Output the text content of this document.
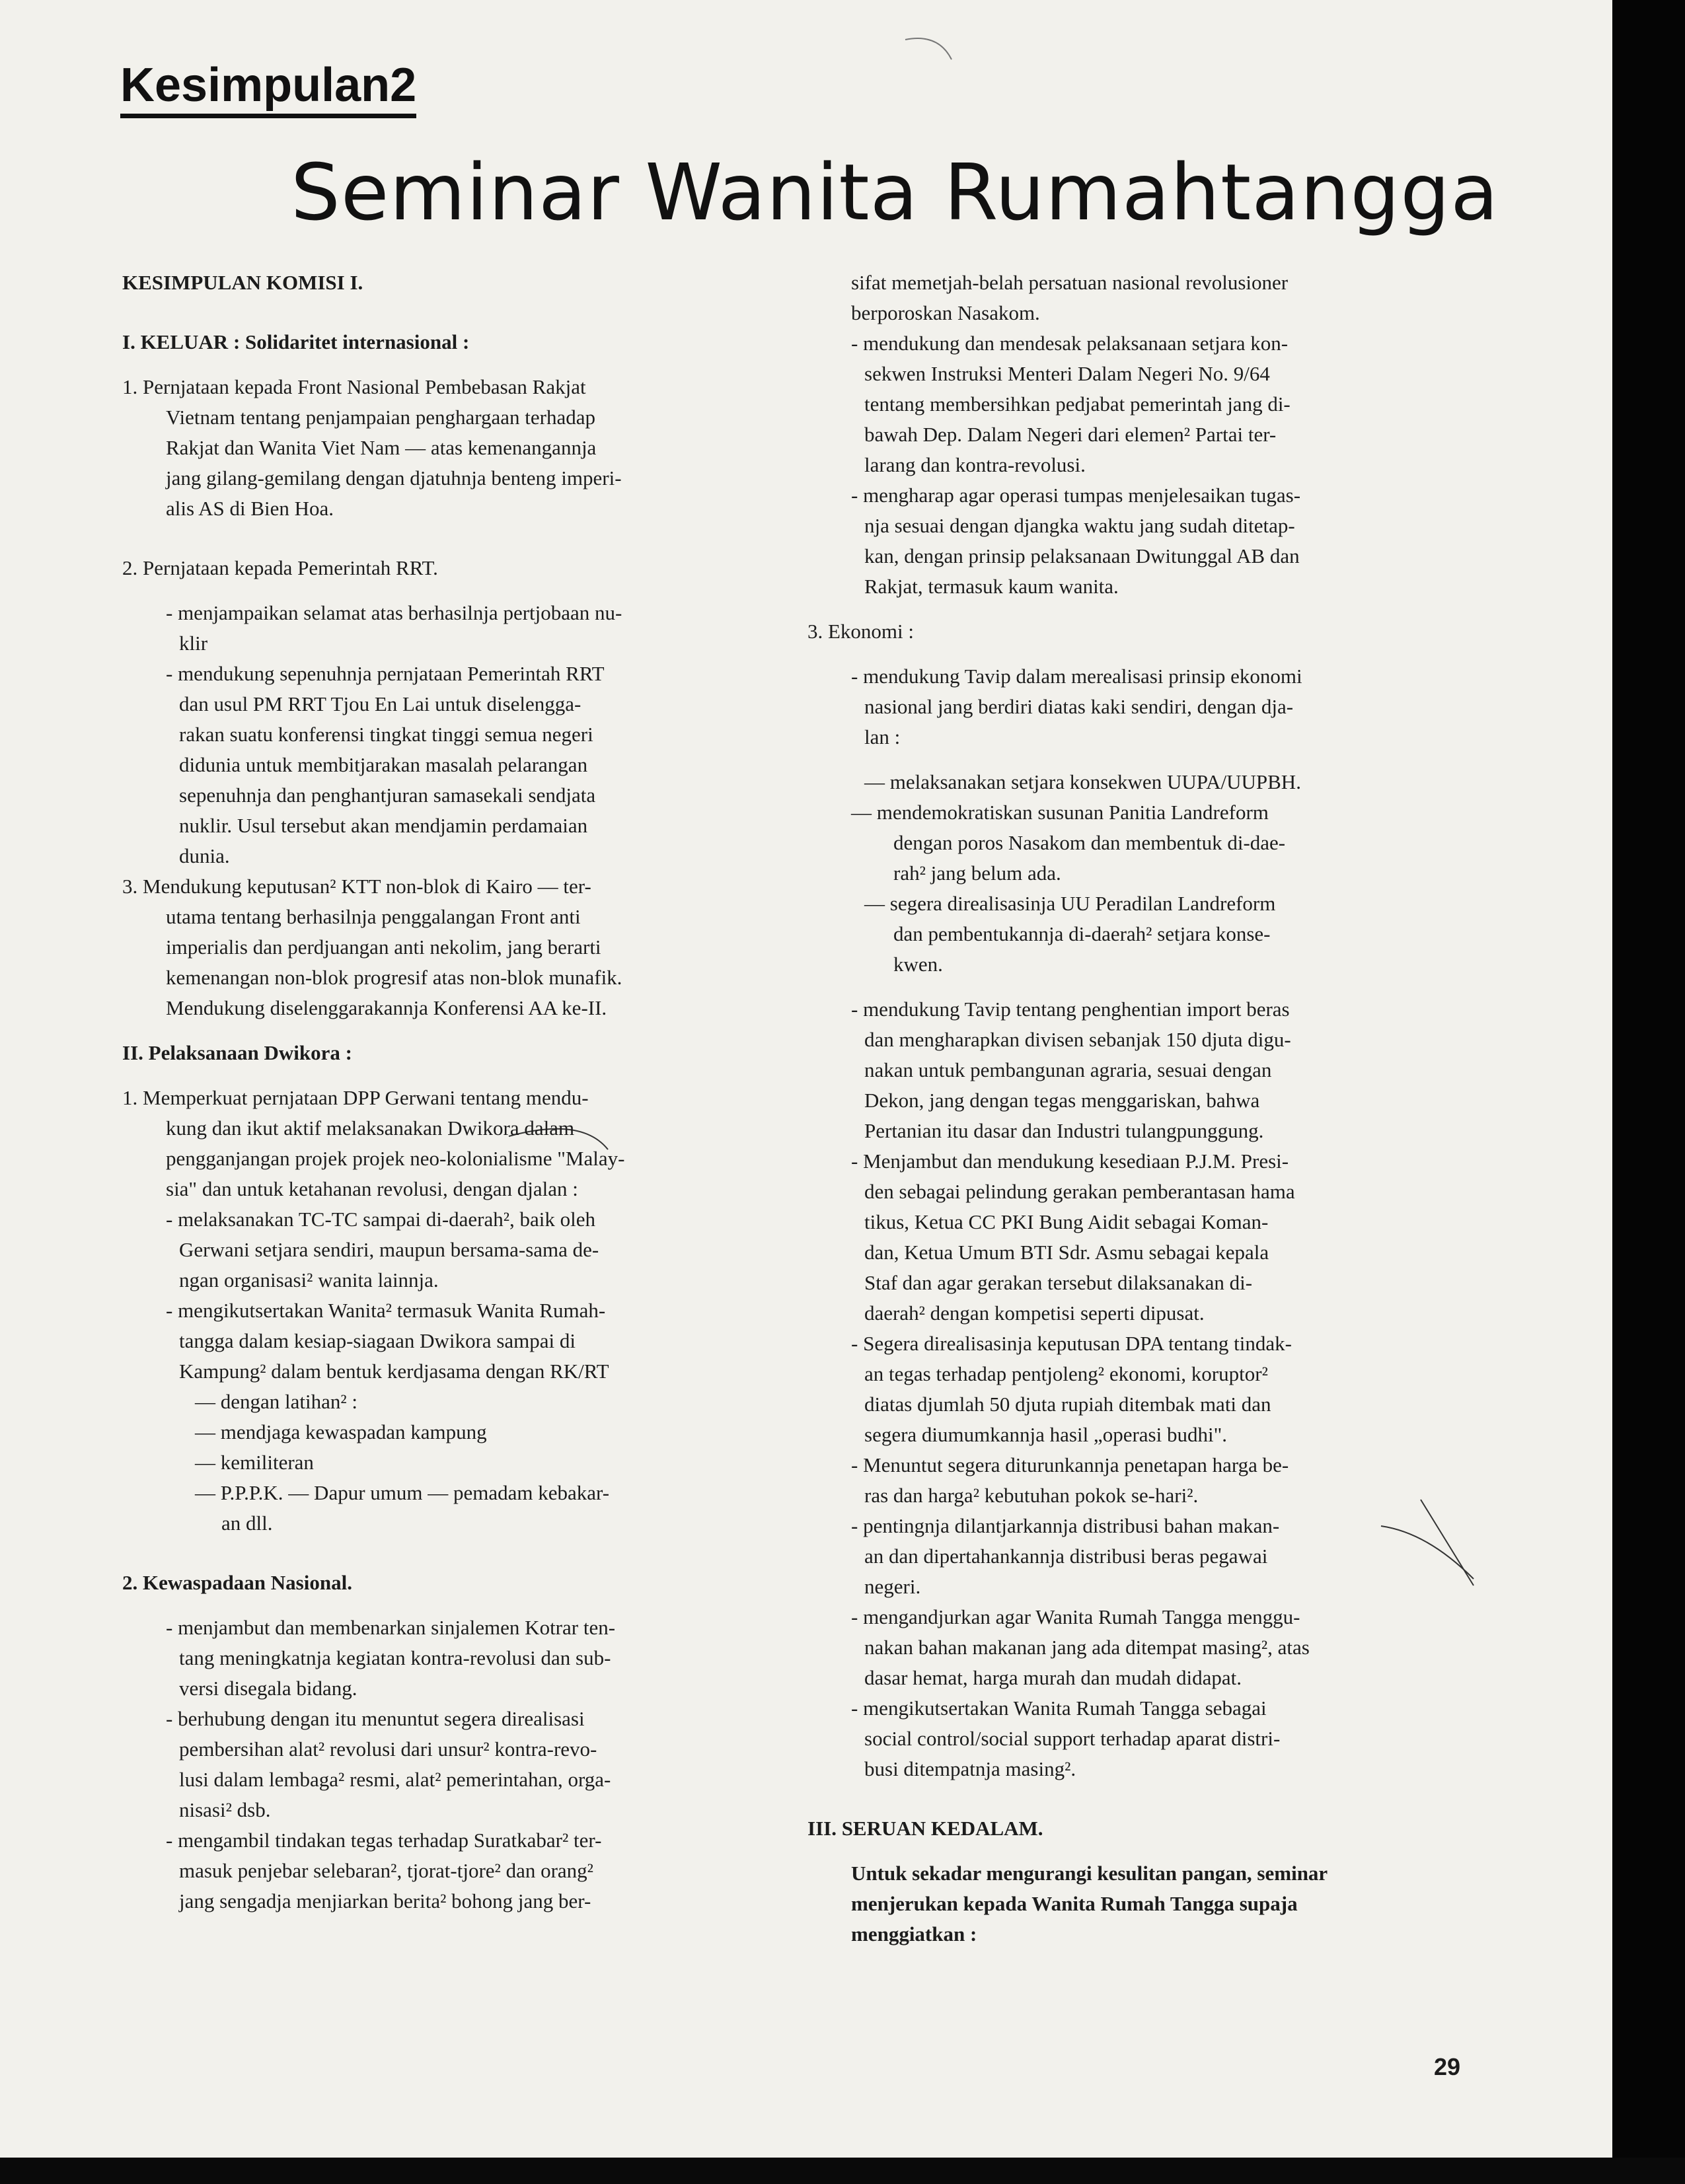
Kesimpulan2
Seminar Wanita Rumahtangga
KESIMPULAN KOMISI I.
I. KELUAR : Solidaritet internasional :
1. Pernjataan kepada Front Nasional Pembebasan Rakjat
Vietnam tentang penjampaian penghargaan terhadap
Rakjat dan Wanita Viet Nam — atas kemenangannja
jang gilang-gemilang dengan djatuhnja benteng imperi-
alis AS di Bien Hoa.
2. Pernjataan kepada Pemerintah RRT.
- menjampaikan selamat atas berhasilnja pertjobaan nu-
klir
- mendukung sepenuhnja pernjataan Pemerintah RRT
dan usul PM RRT Tjou En Lai untuk diselengga-
rakan suatu konferensi tingkat tinggi semua negeri
didunia untuk membitjarakan masalah pelarangan
sepenuhnja dan penghantjuran samasekali sendjata
nuklir. Usul tersebut akan mendjamin perdamaian
dunia.
3. Mendukung keputusan² KTT non-blok di Kairo — ter-
utama tentang berhasilnja penggalangan Front anti
imperialis dan perdjuangan anti nekolim, jang berarti
kemenangan non-blok progresif atas non-blok munafik.
Mendukung diselenggarakannja Konferensi AA ke-II.
II. Pelaksanaan Dwikora :
1. Memperkuat pernjataan DPP Gerwani tentang mendu-
kung dan ikut aktif melaksanakan Dwikora dalam
pengganjangan projek projek neo-kolonialisme "Malay-
sia" dan untuk ketahanan revolusi, dengan djalan :
- melaksanakan TC-TC sampai di-daerah², baik oleh
Gerwani setjara sendiri, maupun bersama-sama de-
ngan organisasi² wanita lainnja.
- mengikutsertakan Wanita² termasuk Wanita Rumah-
tangga dalam kesiap-siagaan Dwikora sampai di
Kampung² dalam bentuk kerdjasama dengan RK/RT
— dengan latihan² :
— mendjaga kewaspadan kampung
— kemiliteran
— P.P.P.K. — Dapur umum — pemadam kebakar-
an dll.
2. Kewaspadaan Nasional.
- menjambut dan membenarkan sinjalemen Kotrar ten-
tang meningkatnja kegiatan kontra-revolusi dan sub-
versi disegala bidang.
- berhubung dengan itu menuntut segera direalisasi
pembersihan alat² revolusi dari unsur² kontra-revo-
lusi dalam lembaga² resmi, alat² pemerintahan, orga-
nisasi² dsb.
- mengambil tindakan tegas terhadap Suratkabar² ter-
masuk penjebar selebaran², tjorat-tjore² dan orang²
jang sengadja menjiarkan berita² bohong jang ber-
sifat memetjah-belah persatuan nasional revolusioner
berporoskan Nasakom.
- mendukung dan mendesak pelaksanaan setjara kon-
sekwen Instruksi Menteri Dalam Negeri No. 9/64
tentang membersihkan pedjabat pemerintah jang di-
bawah Dep. Dalam Negeri dari elemen² Partai ter-
larang dan kontra-revolusi.
- mengharap agar operasi tumpas menjelesaikan tugas-
nja sesuai dengan djangka waktu jang sudah ditetap-
kan, dengan prinsip pelaksanaan Dwitunggal AB dan
Rakjat, termasuk kaum wanita.
3. Ekonomi :
- mendukung Tavip dalam merealisasi prinsip ekonomi
nasional jang berdiri diatas kaki sendiri, dengan dja-
lan :
— melaksanakan setjara konsekwen UUPA/UUPBH.
— mendemokratiskan susunan Panitia Landreform
dengan poros Nasakom dan membentuk di-dae-
rah² jang belum ada.
— segera direalisasinja UU Peradilan Landreform
dan pembentukannja di-daerah² setjara konse-
kwen.
- mendukung Tavip tentang penghentian import beras
dan mengharapkan divisen sebanjak 150 djuta digu-
nakan untuk pembangunan agraria, sesuai dengan
Dekon, jang dengan tegas menggariskan, bahwa
Pertanian itu dasar dan Industri tulangpunggung.
- Menjambut dan mendukung kesediaan P.J.M. Presi-
den sebagai pelindung gerakan pemberantasan hama
tikus, Ketua CC PKI Bung Aidit sebagai Koman-
dan, Ketua Umum BTI Sdr. Asmu sebagai kepala
Staf dan agar gerakan tersebut dilaksanakan di-
daerah² dengan kompetisi seperti dipusat.
- Segera direalisasinja keputusan DPA tentang tindak-
an tegas terhadap pentjoleng² ekonomi, koruptor²
diatas djumlah 50 djuta rupiah ditembak mati dan
segera diumumkannja hasil „operasi budhi".
- Menuntut segera diturunkannja penetapan harga be-
ras dan harga² kebutuhan pokok se-hari².
- pentingnja dilantjarkannja distribusi bahan makan-
an dan dipertahankannja distribusi beras pegawai
negeri.
- mengandjurkan agar Wanita Rumah Tangga menggu-
nakan bahan makanan jang ada ditempat masing², atas
dasar hemat, harga murah dan mudah didapat.
- mengikutsertakan Wanita Rumah Tangga sebagai
social control/social support terhadap aparat distri-
busi ditempatnja masing².
III. SERUAN KEDALAM.
Untuk sekadar mengurangi kesulitan pangan, seminar
menjerukan kepada Wanita Rumah Tangga supaja
menggiatkan :
29
